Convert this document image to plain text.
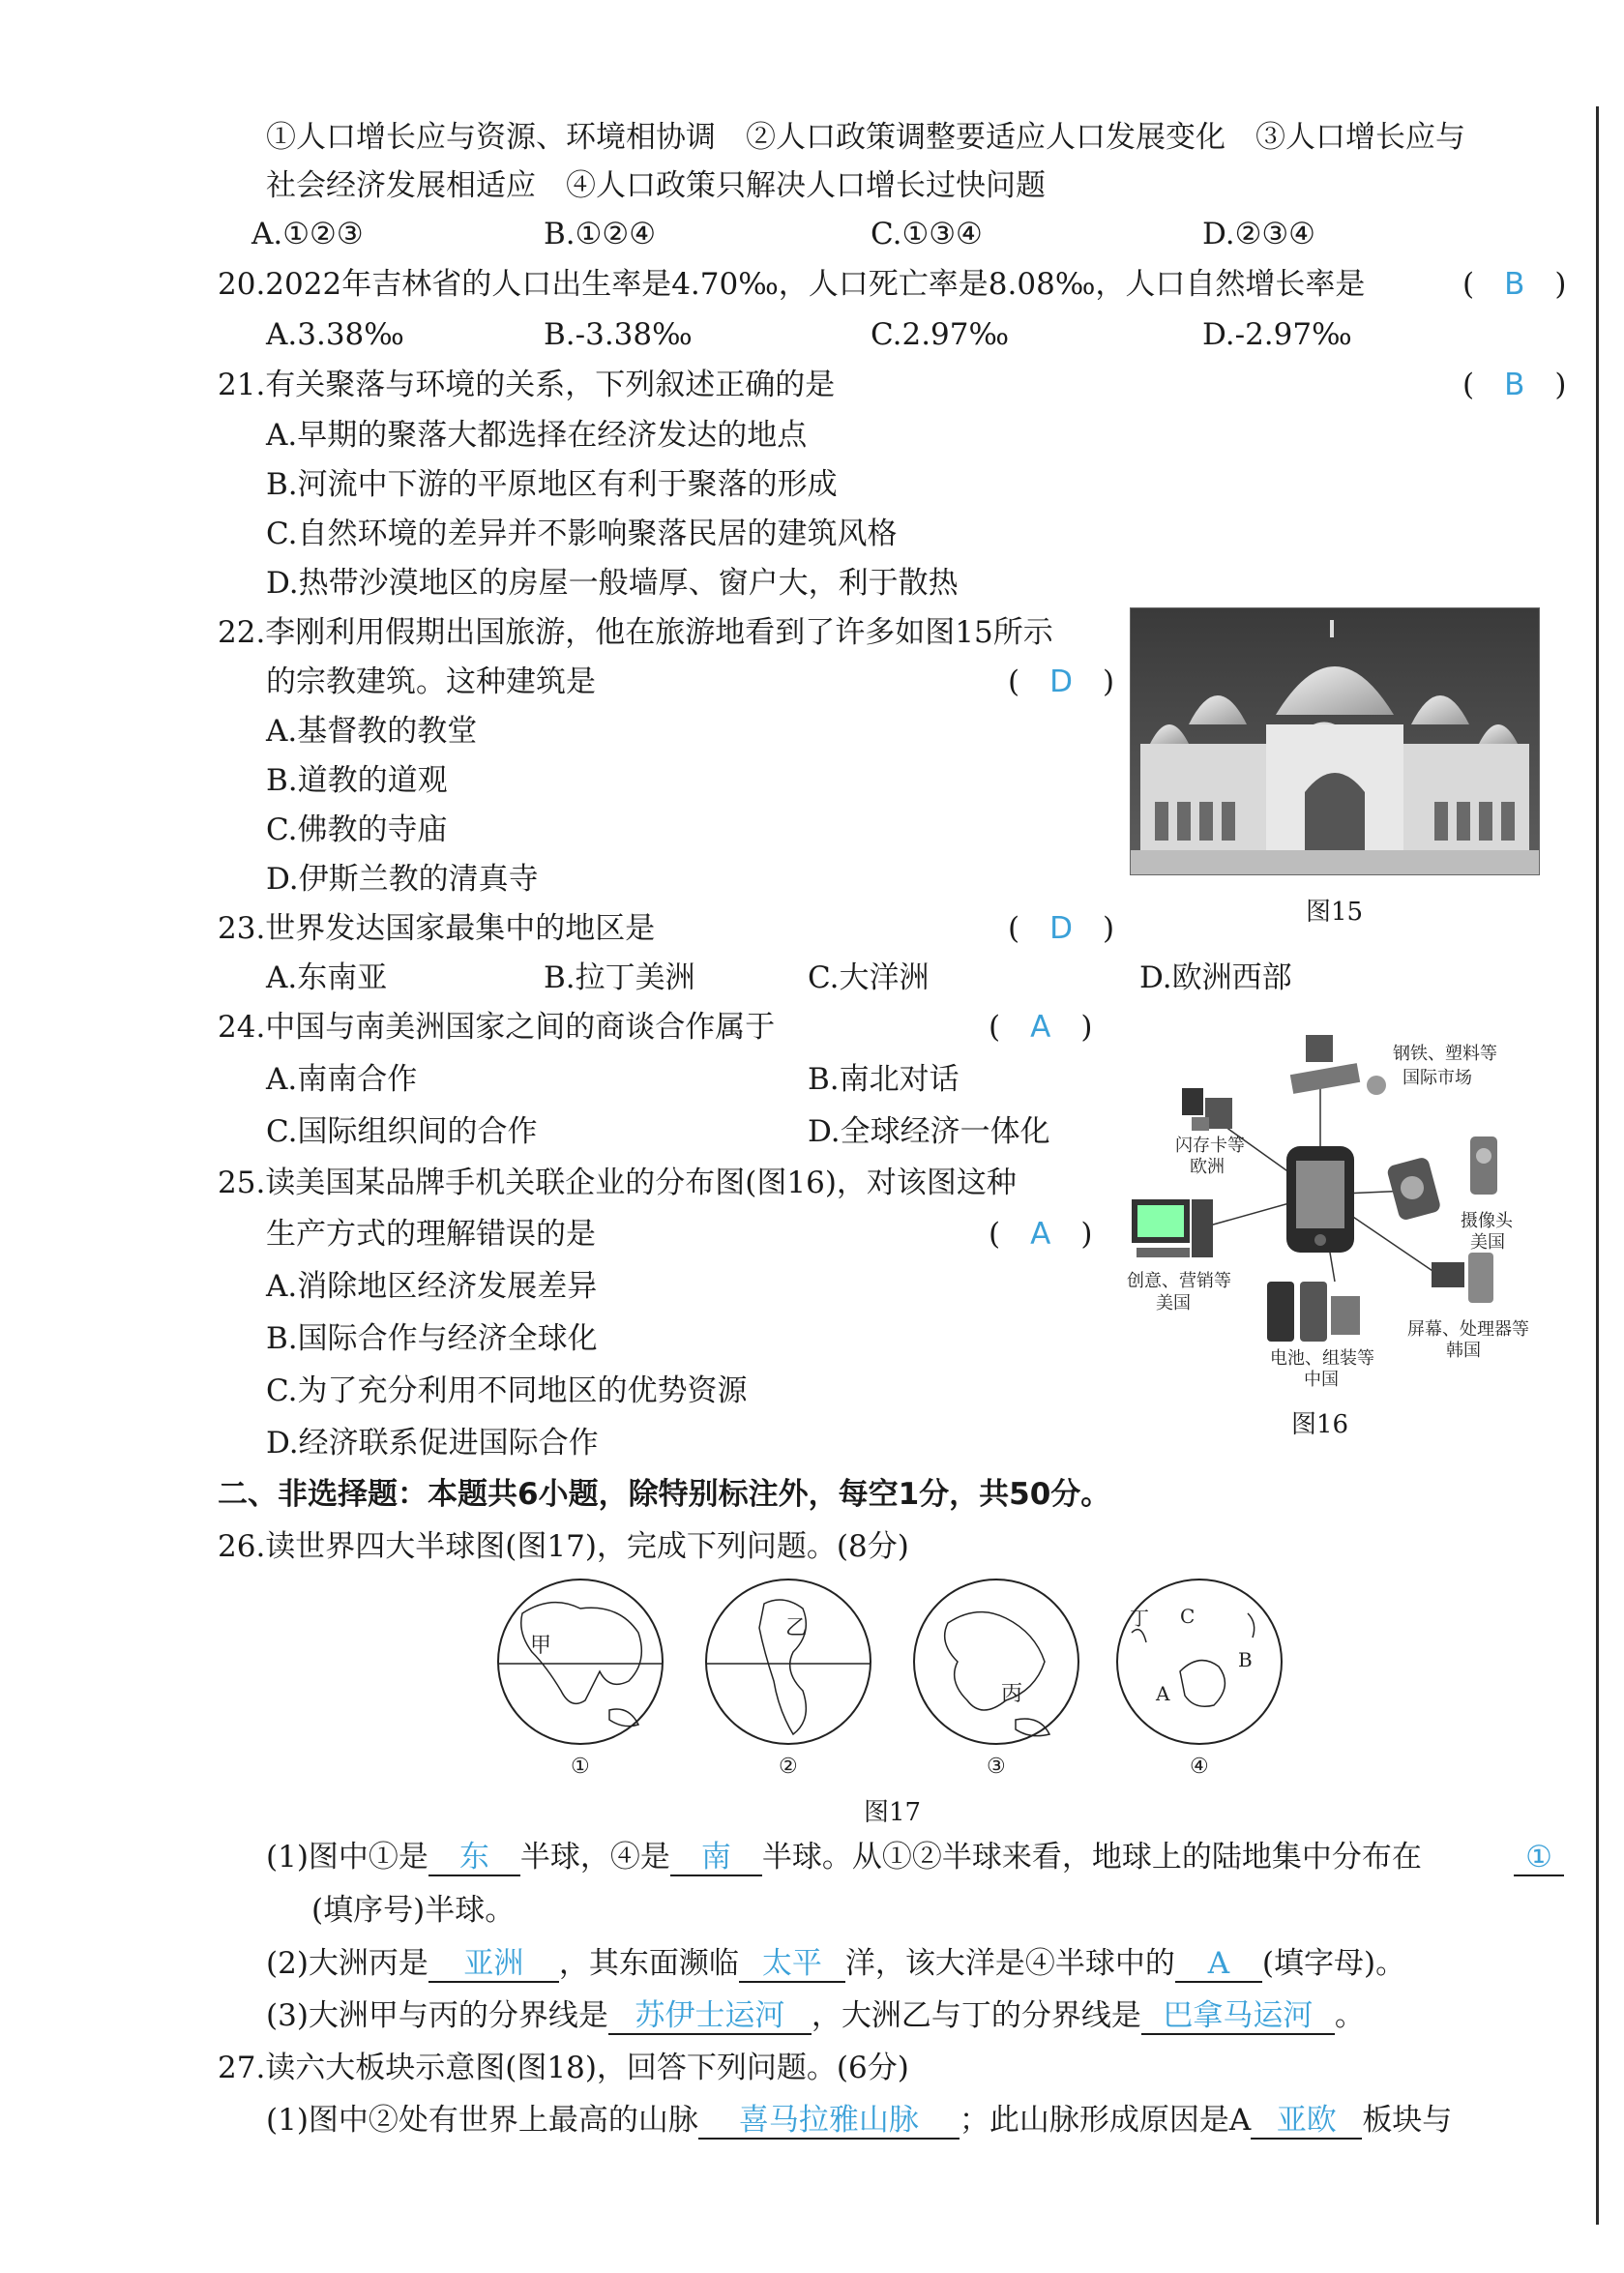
①人口增长应与资源、环境相协调　②人口政策调整要适应人口发展变化　③人口增长应与
社会经济发展相适应　④人口政策只解决人口增长过快问题
A.①②③	B.①②④	C.①③④	D.②③④
20.2022年吉林省的人口出生率是4.70‰，人口死亡率是8.08‰，人口自然增长率是	(　B　)
A.3.38‰	B.-3.38‰	C.2.97‰	D.-2.97‰
21.有关聚落与环境的关系，下列叙述正确的是	(　B　)
A.早期的聚落大都选择在经济发达的地点
B.河流中下游的平原地区有利于聚落的形成
C.自然环境的差异并不影响聚落民居的建筑风格
D.热带沙漠地区的房屋一般墙厚、窗户大，利于散热
22.李刚利用假期出国旅游，他在旅游地看到了许多如图15所示
的宗教建筑。这种建筑是	(　D　)
A.基督教的教堂
B.道教的道观
C.佛教的寺庙
D.伊斯兰教的清真寺
图15
23.世界发达国家最集中的地区是	(　D　)
A.东南亚	B.拉丁美洲	C.大洋洲	D.欧洲西部
24.中国与南美洲国家之间的商谈合作属于	(　A　)
A.南南合作	B.南北对话
C.国际组织间的合作	D.全球经济一体化
25.读美国某品牌手机关联企业的分布图(图16)，对该图这种
生产方式的理解错误的是	(　A　)
A.消除地区经济发展差异
B.国际合作与经济全球化
C.为了充分利用不同地区的优势资源
D.经济联系促进国际合作
钢铁、塑料等
国际市场
闪存卡等
欧洲
摄像头
美国
创意、营销等
美国
屏幕、处理器等
韩国
电池、组装等
中国
图16
二、非选择题：本题共6小题，除特别标注外，每空1分，共50分。
26.读世界四大半球图(图17)，完成下列问题。(8分)
甲
乙
丙
①	②	③
丁 C
B
A
④
图17
(1)图中①是 东 半球，④是 南 半球。从①②半球来看，地球上的陆地集中分布在	①
(填序号)半球。
(2)大洲丙是 亚洲 ，其东面濒临 太平 洋，该大洋是④半球中的 A (填字母)。
(3)大洲甲与丙的分界线是 苏伊士运河 ，大洲乙与丁的分界线是 巴拿马运河 。
27.读六大板块示意图(图18)，回答下列问题。(6分)
(1)图中②处有世界上最高的山脉 喜马拉雅山脉 ；此山脉形成原因是A 亚欧 板块与
